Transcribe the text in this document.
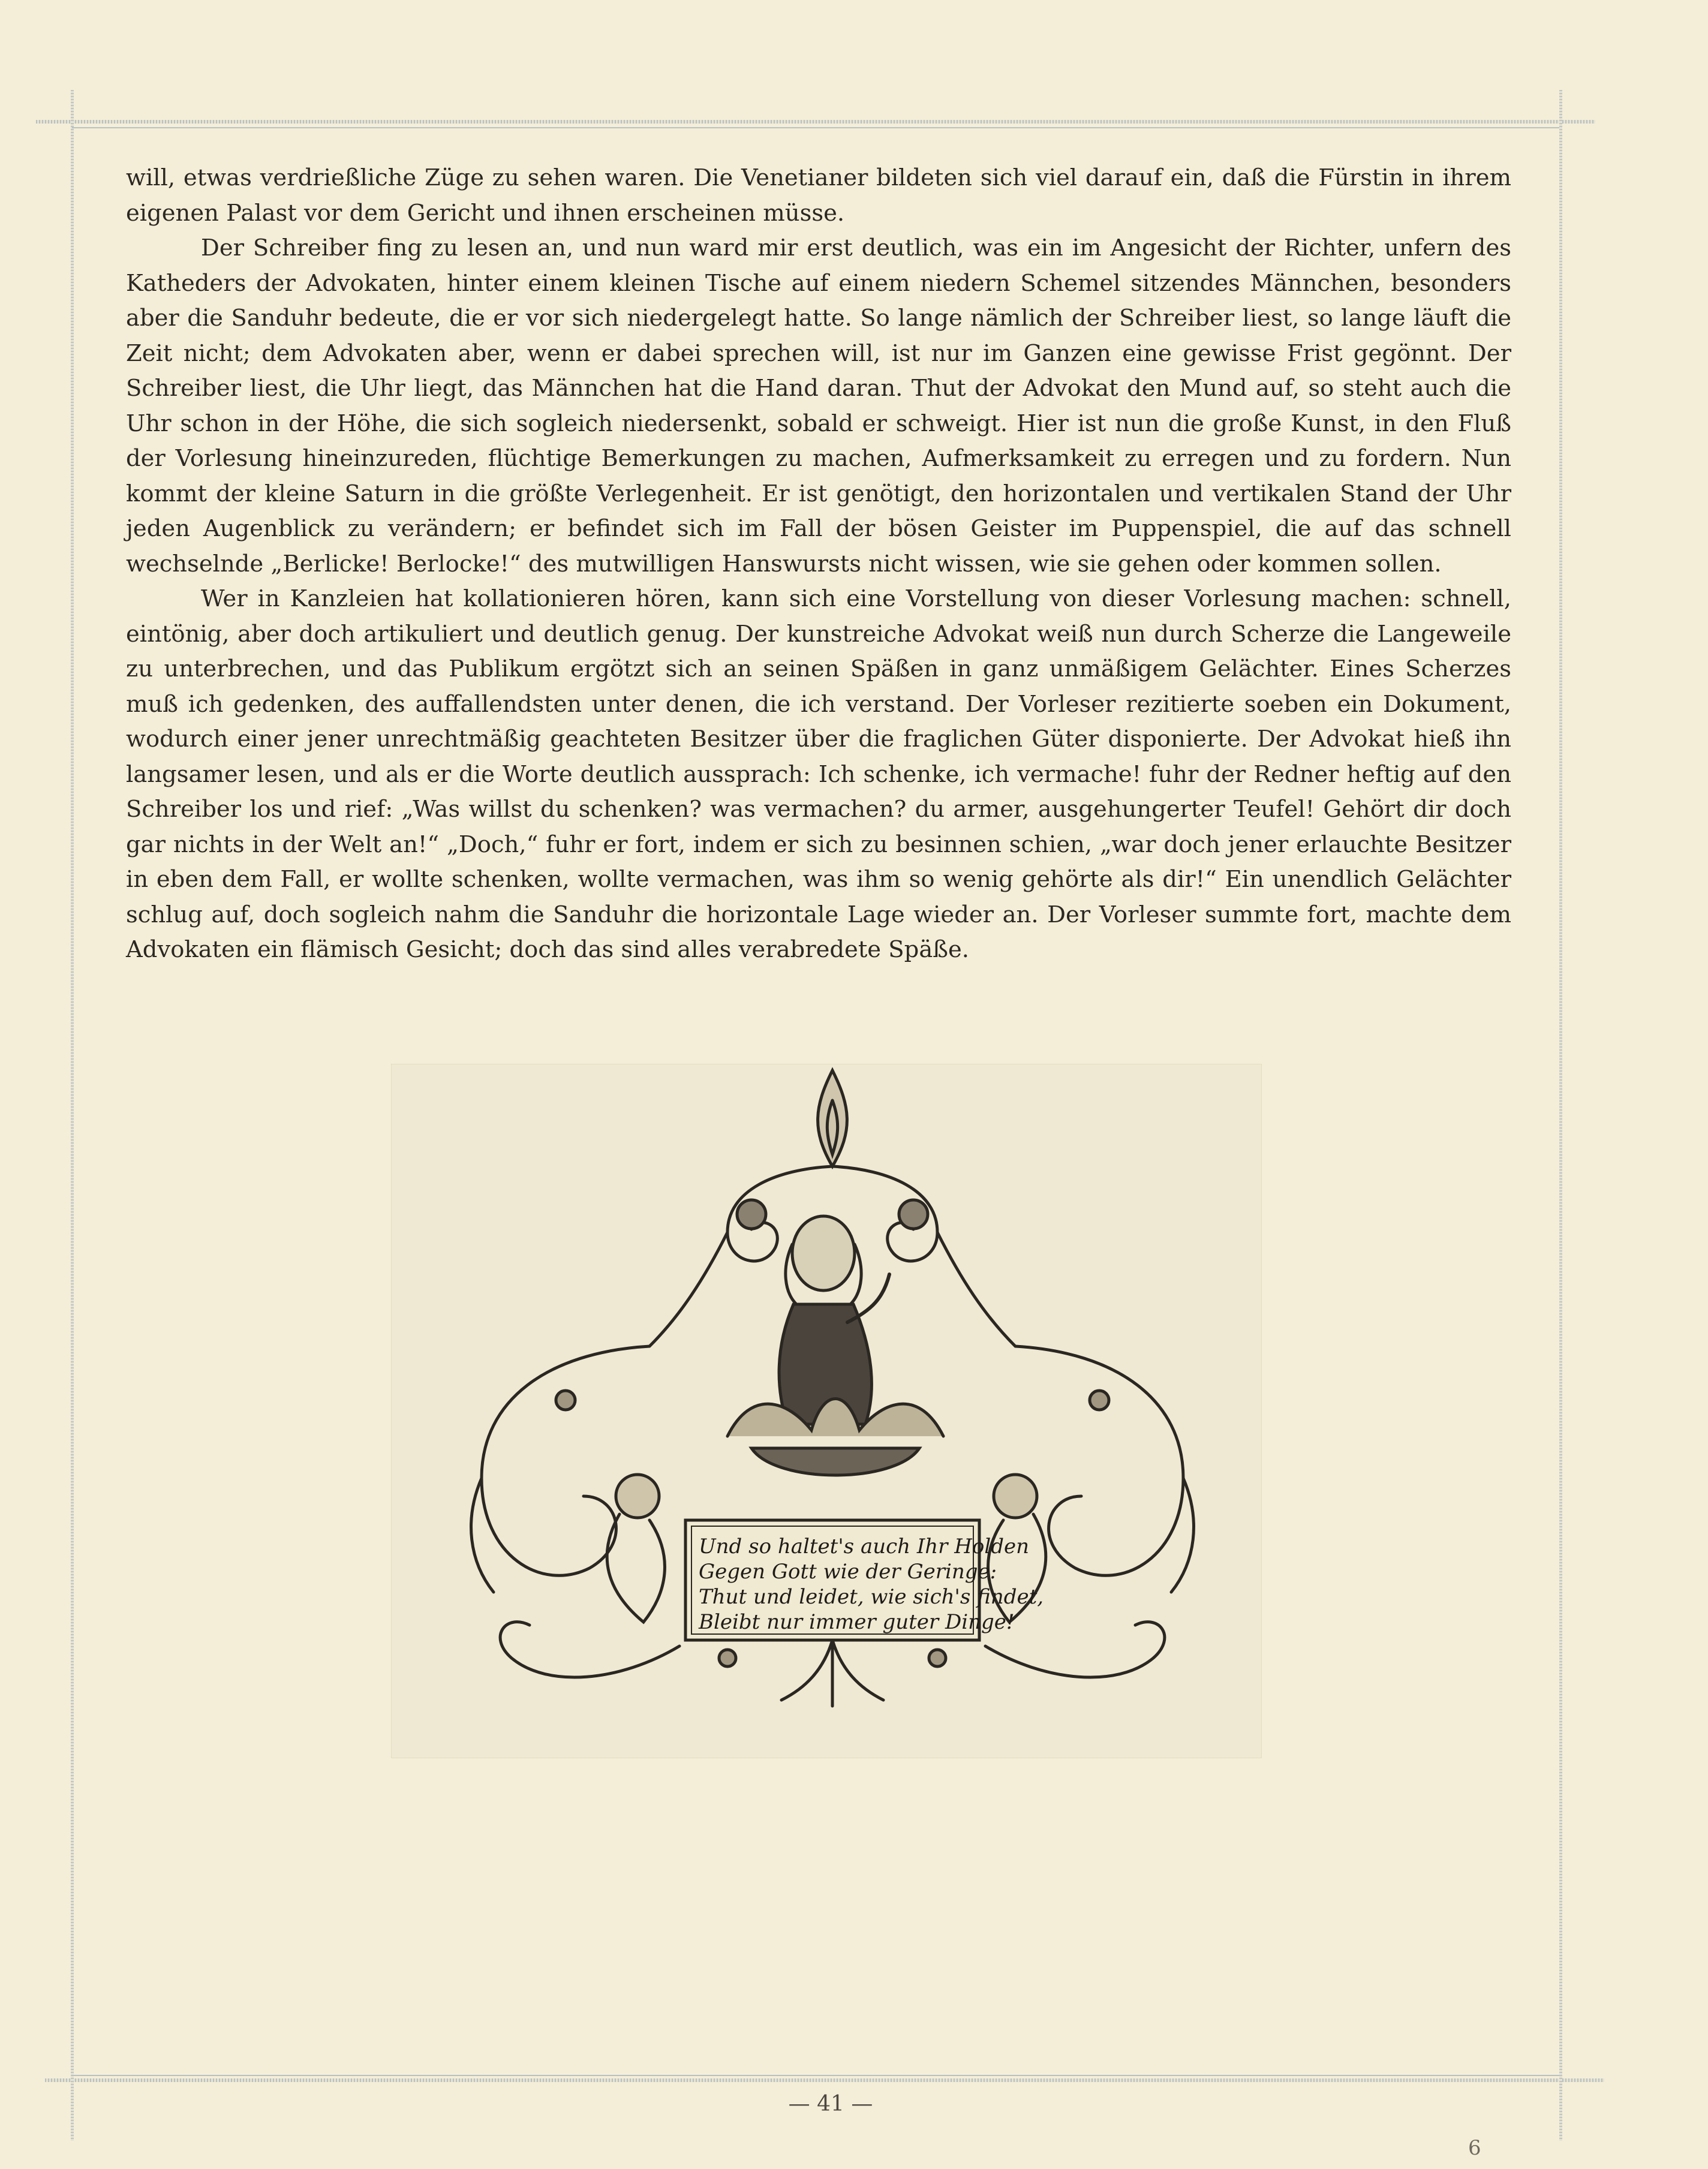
will, etwas verdrießliche Züge zu sehen waren. Die Venetianer bildeten sich viel darauf ein, daß die Fürstin in ihrem eigenen Palast vor dem Gericht und ihnen erscheinen müsse.

Der Schreiber fing zu lesen an, und nun ward mir erst deutlich, was ein im Angesicht der Richter, unfern des Katheders der Advokaten, hinter einem kleinen Tische auf einem niedern Schemel sitzendes Männchen, besonders aber die Sanduhr bedeute, die er vor sich niedergelegt hatte. So lange nämlich der Schreiber liest, so lange läuft die Zeit nicht; dem Advokaten aber, wenn er dabei sprechen will, ist nur im Ganzen eine gewisse Frist gegönnt. Der Schreiber liest, die Uhr liegt, das Männchen hat die Hand daran. Thut der Advokat den Mund auf, so steht auch die Uhr schon in der Höhe, die sich sogleich niedersenkt, sobald er schweigt. Hier ist nun die große Kunst, in den Fluß der Vorlesung hineinzureden, flüchtige Bemerkungen zu machen, Aufmerksamkeit zu erregen und zu fordern. Nun kommt der kleine Saturn in die größte Verlegenheit. Er ist genötigt, den horizontalen und vertikalen Stand der Uhr jeden Augenblick zu verändern; er befindet sich im Fall der bösen Geister im Puppenspiel, die auf das schnell wechselnde „Berlicke! Berlocke!“ des mutwilligen Hanswursts nicht wissen, wie sie gehen oder kommen sollen.

Wer in Kanzleien hat kollationieren hören, kann sich eine Vorstellung von dieser Vorlesung machen: schnell, eintönig, aber doch artikuliert und deutlich genug. Der kunstreiche Advokat weiß nun durch Scherze die Langeweile zu unterbrechen, und das Publikum ergötzt sich an seinen Späßen in ganz unmäßigem Gelächter. Eines Scherzes muß ich gedenken, des auffallendsten unter denen, die ich verstand. Der Vorleser rezitierte soeben ein Dokument, wodurch einer jener unrechtmäßig geachteten Besitzer über die fraglichen Güter disponierte. Der Advokat hieß ihn langsamer lesen, und als er die Worte deutlich aussprach: Ich schenke, ich vermache! fuhr der Redner heftig auf den Schreiber los und rief: „Was willst du schenken? was vermachen? du armer, ausgehungerter Teufel! Gehört dir doch gar nichts in der Welt an!“ „Doch,“ fuhr er fort, indem er sich zu besinnen schien, „war doch jener erlauchte Besitzer in eben dem Fall, er wollte schenken, wollte vermachen, was ihm so wenig gehörte als dir!“ Ein unendlich Gelächter schlug auf, doch sogleich nahm die Sanduhr die horizontale Lage wieder an. Der Vorleser summte fort, machte dem Advokaten ein flämisch Gesicht; doch das sind alles verabredete Späße.

Und so haltet's auch Ihr Holden
Gegen Gott wie der Geringe:
Thut und leidet, wie sich's findet,
Bleibt nur immer guter Dinge!
— 41 —
6
